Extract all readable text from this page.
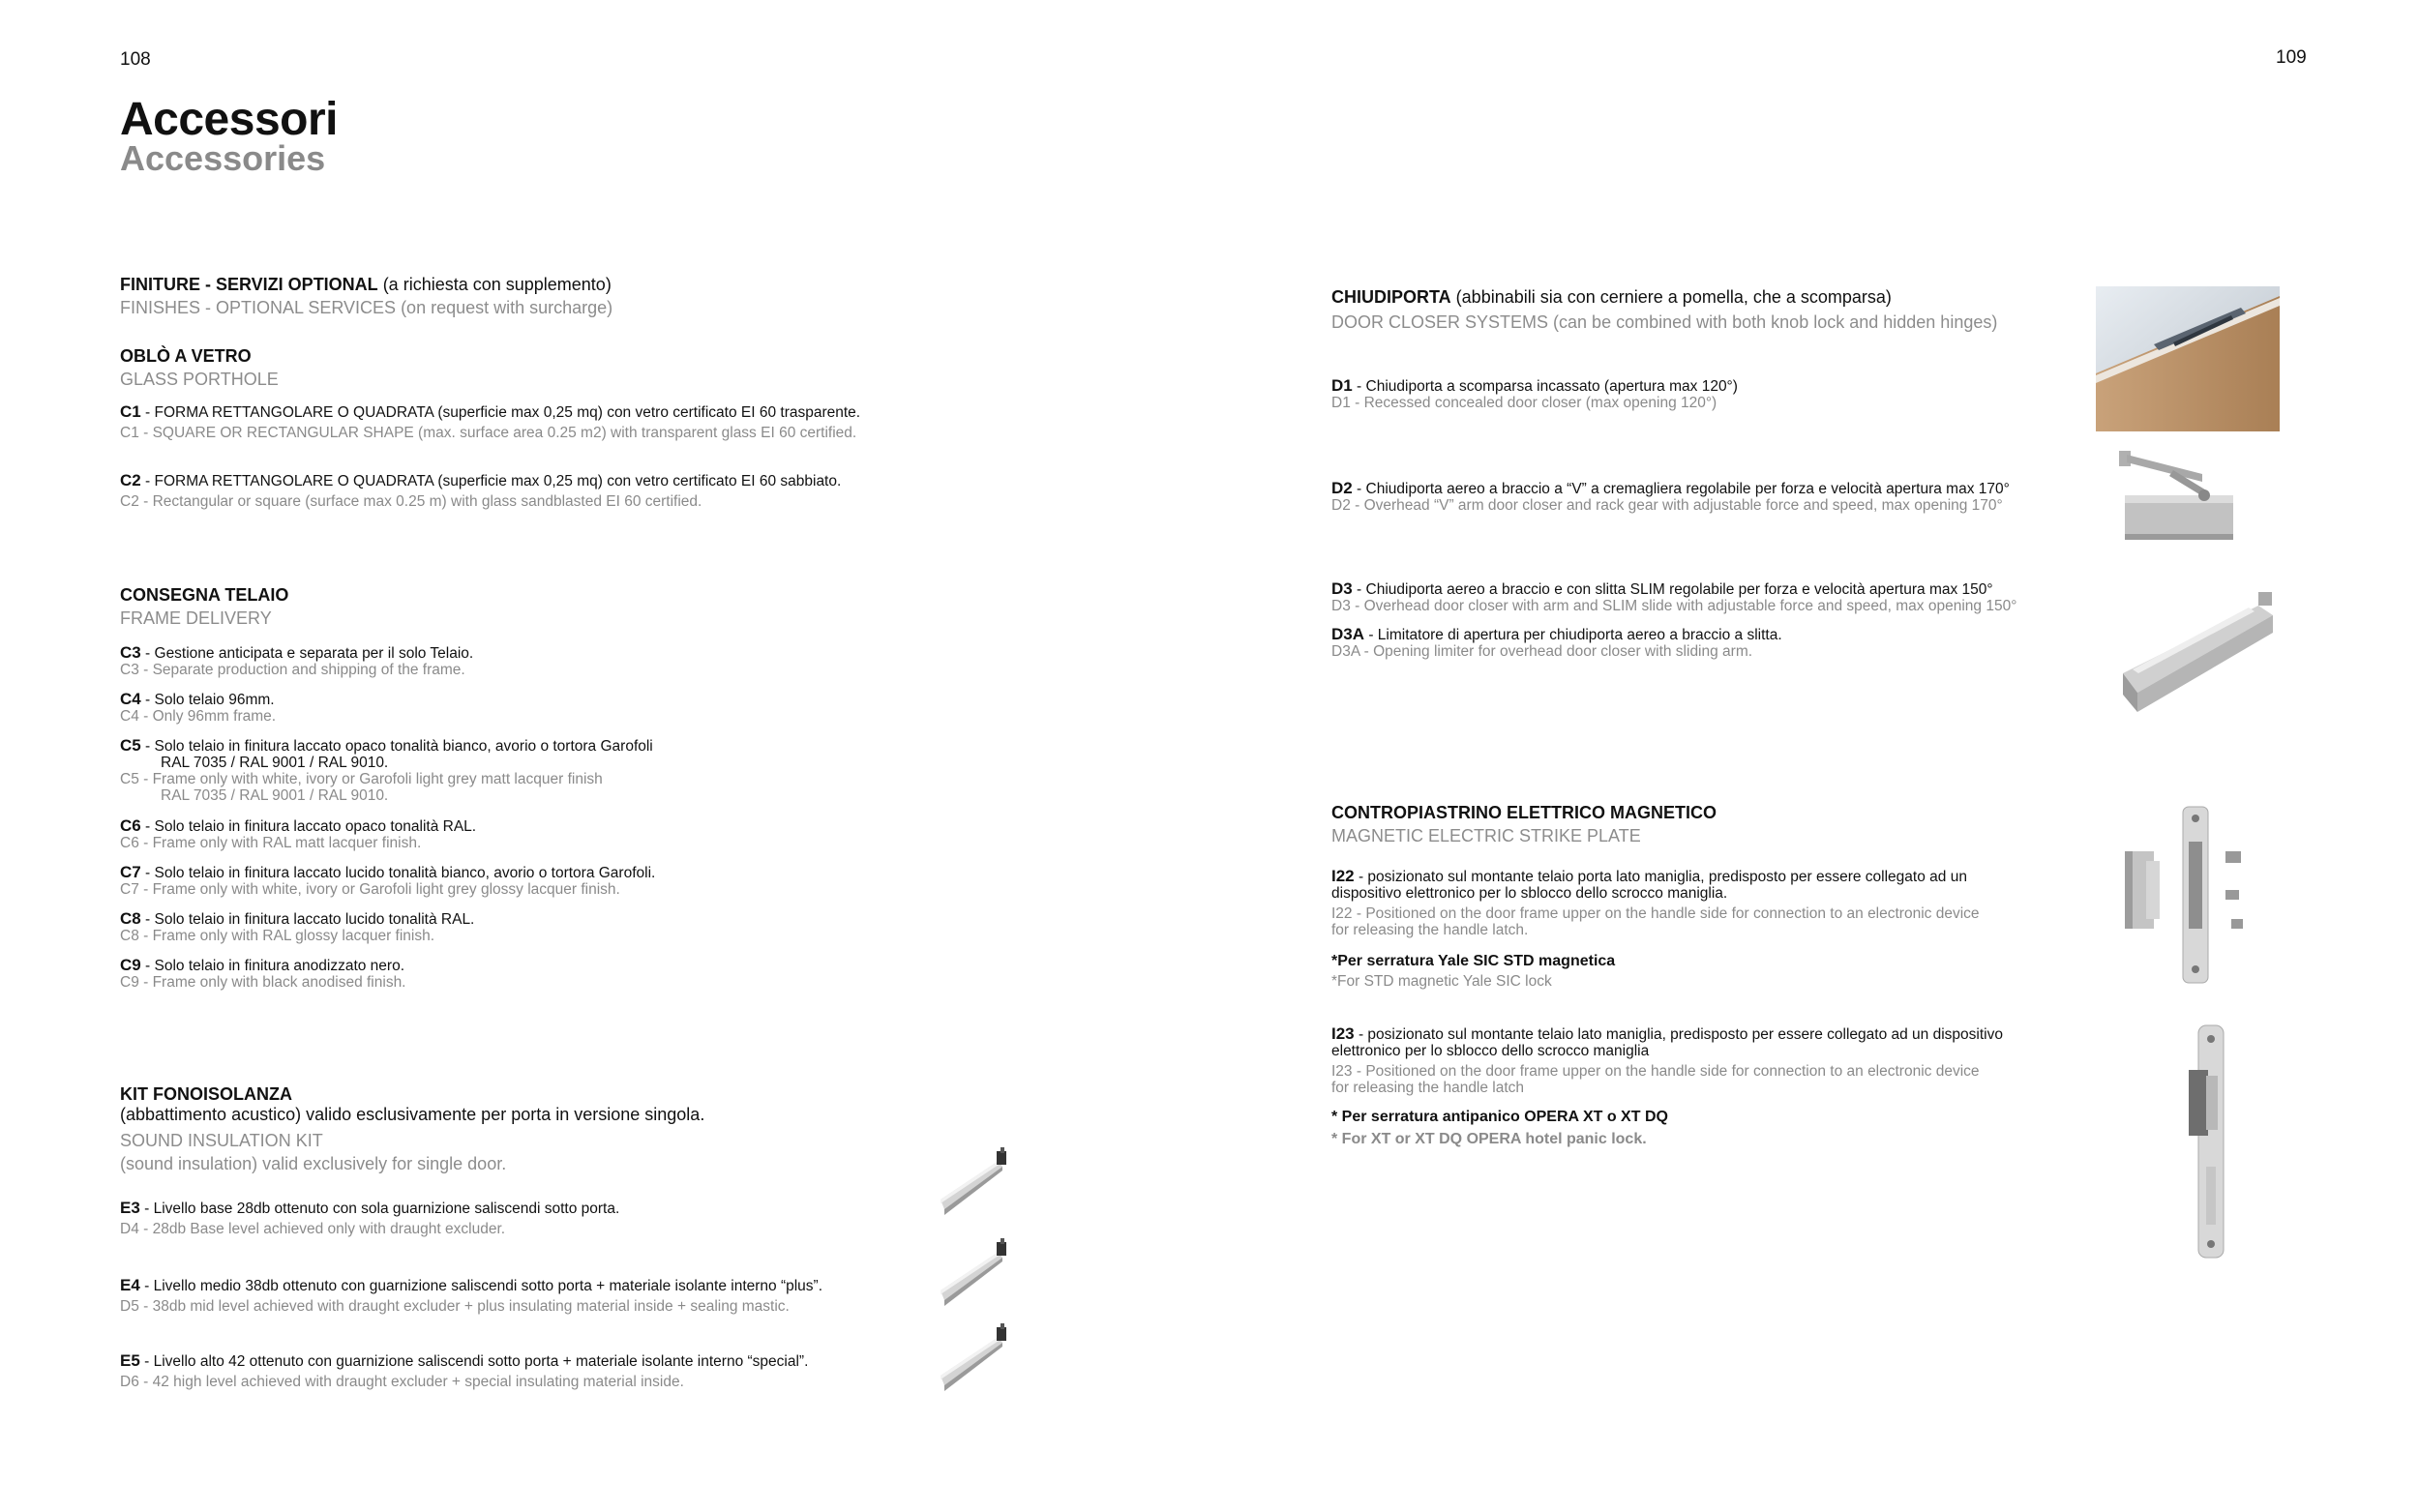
108	109
Accessori
Accessories
FINITURE - SERVIZI OPTIONAL (a richiesta con supplemento)
FINISHES - OPTIONAL SERVICES (on request with surcharge)
OBLÒ A VETRO
GLASS PORTHOLE
C1 - FORMA RETTANGOLARE O QUADRATA (superficie max 0,25 mq) con vetro certificato EI 60 trasparente.
C1 - SQUARE OR RECTANGULAR SHAPE (max. surface area 0.25 m2) with transparent glass EI 60 certified.
C2 - FORMA RETTANGOLARE O QUADRATA (superficie max 0,25 mq) con vetro certificato EI 60 sabbiato.
C2 - Rectangular or square (surface max 0.25 m) with glass sandblasted EI 60 certified.
CONSEGNA TELAIO
FRAME DELIVERY
C3 - Gestione anticipata e separata per il solo Telaio.
C3 - Separate production and shipping of the frame.
C4 - Solo telaio 96mm.
C4 - Only 96mm frame.
C5 - Solo telaio in finitura laccato opaco tonalità bianco, avorio o tortora Garofoli
RAL 7035 / RAL 9001 / RAL 9010.
C5 - Frame only with white, ivory or Garofoli light grey matt lacquer finish
RAL 7035 / RAL 9001 / RAL 9010.
C6 - Solo telaio in finitura laccato opaco tonalità RAL.
C6 - Frame only with RAL matt lacquer finish.
C7 - Solo telaio in finitura laccato lucido tonalità bianco, avorio o tortora Garofoli.
C7 - Frame only with white, ivory or Garofoli light grey glossy lacquer finish.
C8 - Solo telaio in finitura laccato lucido tonalità RAL.
C8 - Frame only with RAL glossy lacquer finish.
C9 - Solo telaio in finitura anodizzato nero.
C9 - Frame only with black anodised finish.
KIT FONOISOLANZA
(abbattimento acustico) valido esclusivamente per porta in versione singola.
SOUND INSULATION KIT
(sound insulation) valid exclusively for single door.
E3 - Livello base 28db ottenuto con sola guarnizione saliscendi sotto porta.
D4 - 28db Base level achieved only with draught excluder.
E4 - Livello medio 38db ottenuto con guarnizione saliscendi sotto porta + materiale isolante interno “plus”.
D5 - 38db mid level achieved with draught excluder + plus insulating material inside + sealing mastic.
E5 - Livello alto 42 ottenuto con guarnizione saliscendi sotto porta + materiale isolante interno “special”.
D6 - 42 high level achieved with draught excluder + special insulating material inside.
CHIUDIPORTA (abbinabili sia con cerniere a pomella, che a scomparsa)
DOOR CLOSER SYSTEMS (can be combined with both knob lock and hidden hinges)
D1 - Chiudiporta a scomparsa incassato (apertura max 120°)
D1 - Recessed concealed door closer (max opening 120°)
D2 - Chiudiporta aereo a braccio a “V” a cremagliera regolabile per forza e velocità apertura max 170°
D2 - Overhead “V” arm door closer and rack gear with adjustable force and speed, max opening 170°
D3 - Chiudiporta aereo a braccio e con slitta SLIM regolabile per forza e velocità apertura max 150°
D3 - Overhead door closer with arm and SLIM slide with adjustable force and speed, max opening 150°
D3A - Limitatore di apertura per chiudiporta aereo a braccio a slitta.
D3A - Opening limiter for overhead door closer with sliding arm.
CONTROPIASTRINO ELETTRICO MAGNETICO
MAGNETIC ELECTRIC STRIKE PLATE
I22 - posizionato sul montante telaio porta lato maniglia, predisposto per essere collegato ad un
dispositivo elettronico per lo sblocco dello scrocco maniglia.
I22 - Positioned on the door frame upper on the handle side for connection to an electronic device
for releasing the handle latch.
*Per serratura Yale SIC STD magnetica
*For STD magnetic Yale SIC lock
I23 - posizionato sul montante telaio lato maniglia, predisposto per essere collegato ad un dispositivo
elettronico per lo sblocco dello scrocco maniglia
I23 - Positioned on the door frame upper on the handle side for connection to an electronic device
for releasing the handle latch
* Per serratura antipanico OPERA XT o XT DQ
* For XT or XT DQ OPERA hotel panic lock.
